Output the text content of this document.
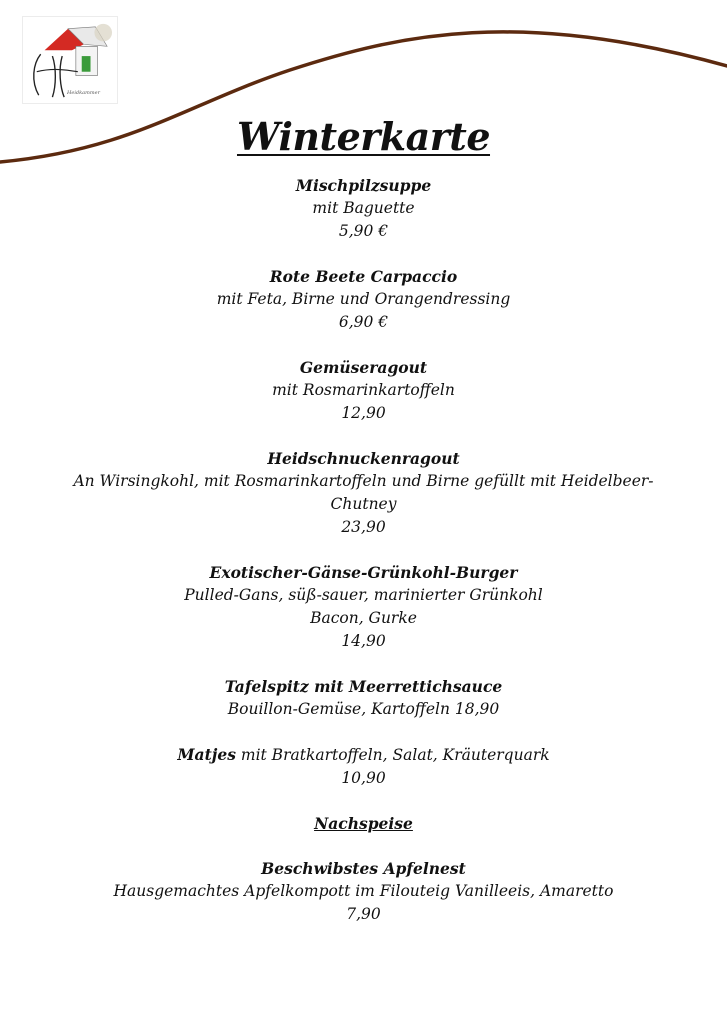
Heidkammer
Winterkarte
Mischpilzsuppe
mit Baguette
5,90 €
Rote Beete Carpaccio
mit Feta, Birne und Orangendressing
6,90 €
Gemüseragout
mit Rosmarinkartoffeln
12,90
Heidschnuckenragout
An Wirsingkohl, mit Rosmarinkartoffeln und Birne gefüllt mit Heidelbeer-
Chutney
23,90
Exotischer-Gänse-Grünkohl-Burger
Pulled-Gans, süß-sauer, marinierter Grünkohl
Bacon, Gurke
14,90
Tafelspitz mit Meerrettichsauce
Bouillon-Gemüse, Kartoffeln 18,90
Matjes mit Bratkartoffeln, Salat, Kräuterquark
10,90
Nachspeise
Beschwibstes Apfelnest
Hausgemachtes Apfelkompott im Filouteig Vanilleeis, Amaretto
7,90
